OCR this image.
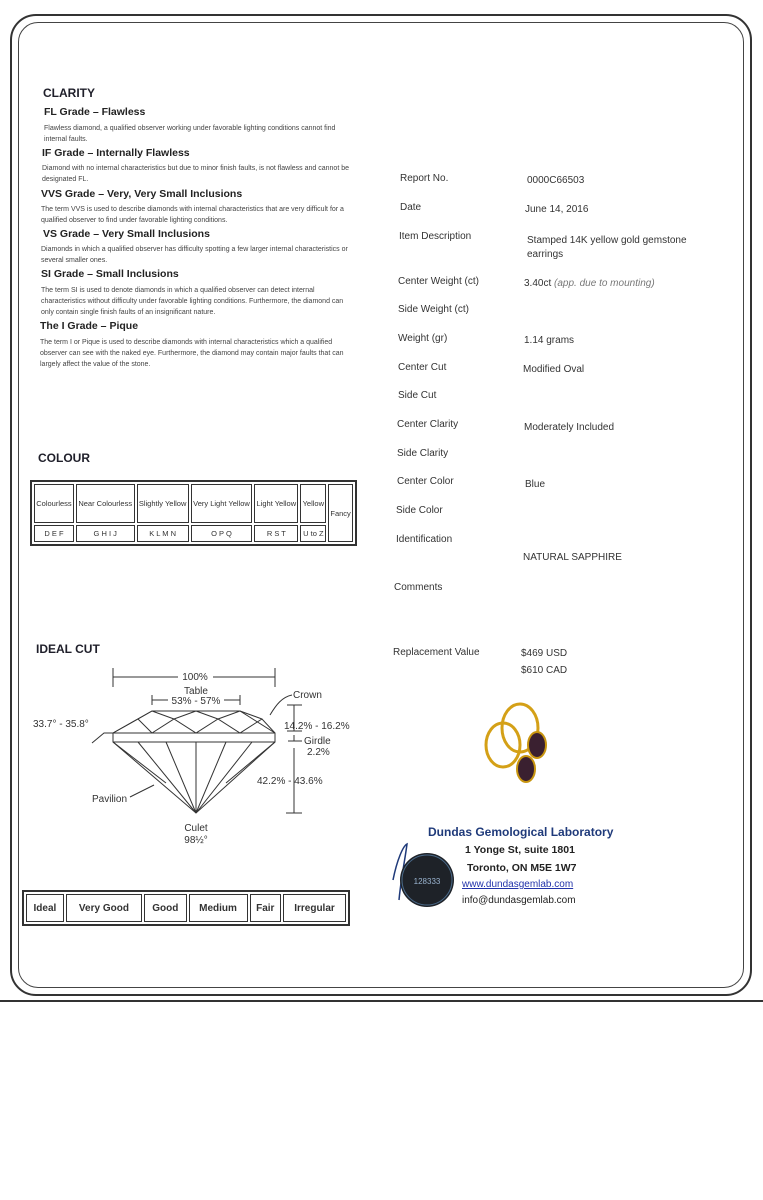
CLARITY
FL Grade – Flawless
Flawless diamond, a qualified observer working under favorable lighting conditions cannot find internal faults.
IF Grade – Internally Flawless
Diamond with no internal characteristics but due to minor finish faults, is not flawless and cannot be designated FL.
VVS Grade – Very, Very Small Inclusions
The term VVS is used to describe diamonds with internal characteristics that are very difficult for a qualified observer to find under favorable lighting conditions.
VS Grade – Very Small Inclusions
Diamonds in which a qualified observer has difficulty spotting a few larger internal characteristics or several smaller ones.
SI Grade – Small Inclusions
The term SI is used to denote diamonds in which a qualified observer can detect internal characteristics without difficulty under favorable lighting conditions. Furthermore, the diamond can only contain single finish faults of an insignificant nature.
The I Grade – Pique
The term I or Pique is used to describe diamonds with internal characteristics which a qualified observer can see with the naked eye. Furthermore, the diamond may contain major faults that can largely affect the value of the stone.
COLOUR
Colourless	Near Colourless	Slightly Yellow	Very Light Yellow	Light Yellow	Yellow	Fancy
D E F	G H I J	K L M N	O P Q	R S T	U to Z	
IDEAL CUT
100%
Table
53% - 57%
Crown
33.7° - 35.8°	14.2% - 16.2%
Girdle
2.2%
42.2% - 43.6%
Pavilion
Culet
98½°
Ideal	Very Good	Good	Medium	Fair	Irregular
Report No.	0000C66503
Date	June 14, 2016
Item Description	Stamped 14K yellow gold gemstone earrings
Center Weight (ct)	3.40ct (app. due to mounting)
Side Weight (ct)
Weight (gr)	1.14 grams
Center Cut	Modified Oval
Side Cut
Center Clarity	Moderately Included
Side Clarity
Center Color	Blue
Side Color
Identification
NATURAL SAPPHIRE
Comments
Replacement Value	$469 USD
$610 CAD
Dundas Gemological Laboratory
1 Yonge St, suite 1801
Toronto, ON M5E 1W7
www.dundasgemlab.com
info@dundasgemlab.com
128333
